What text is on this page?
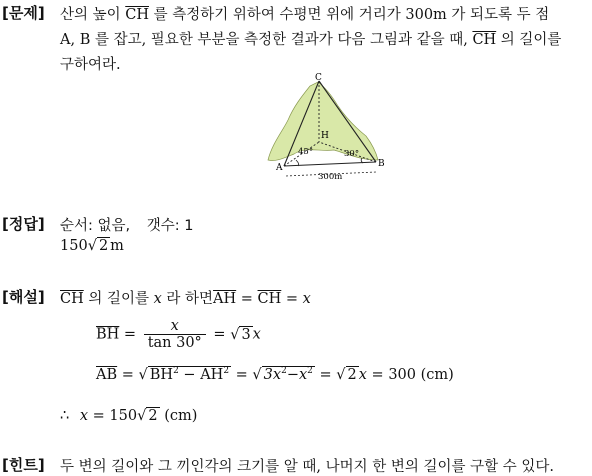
[문제] 산의 높이 $\overline{CH}$ 를 측정하기 위하여 수평면 위에 거리가 300m 가 되도록 두 점
A, B 를 잡고, 필요한 부분을 측정한 결과가 다음 그림과 같을 때, $\overline{CH}$ 의 길이를
구하여라.
C
H
A	B
45°	30°
300m
[정답] 순서: 없음, 갯수: 1
150√ 2 m
[해설] $\overline{CH}$ 의 길이를 x 라 하면$\overline{AH} = \overline{CH} = x$
$\overline{BH} = \frac{x}{\tan 30^\circ}$ = √ 3 x
$\overline{AB}$ = √ $BH^2 - \overline{AH}^2$ = √ $3x^2-x^2$ = √ 2 x = 300 (cm)
∴ x = 150√ 2 (cm)
[힌트] 두 변의 길이와 그 끼인각의 크기를 알 때, 나머지 한 변의 길이를 구할 수 있다.
